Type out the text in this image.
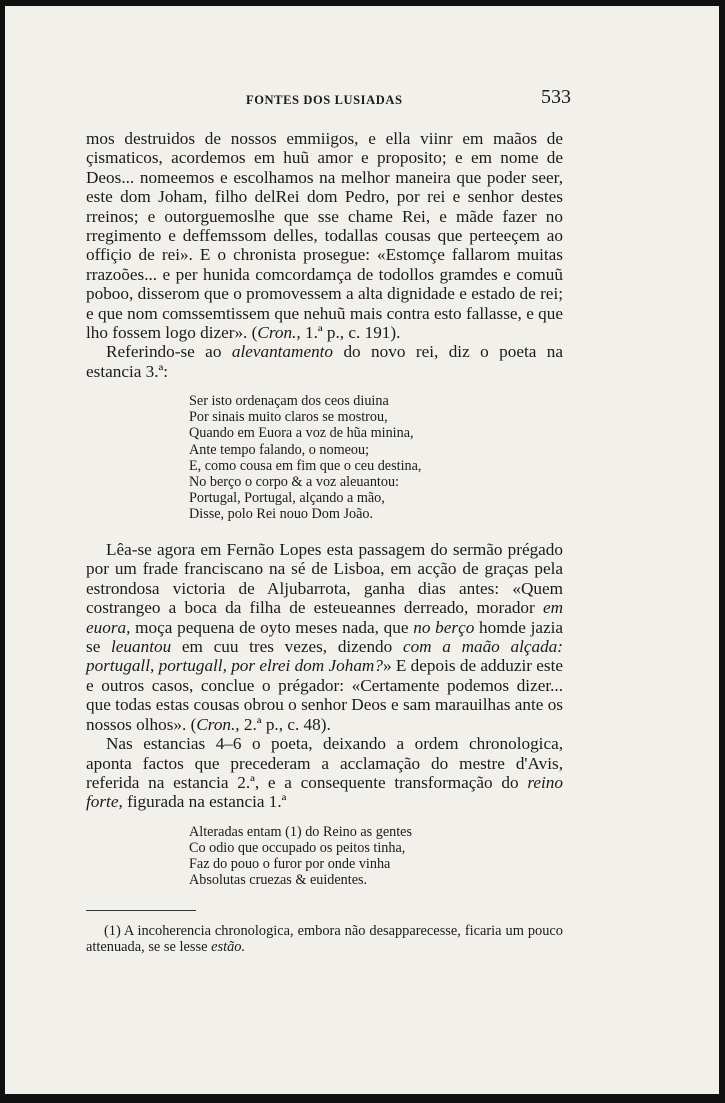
FONTES DOS LUSIADAS	533

mos destruidos de nossos emmiigos, e ella viinr em maãos de çismaticos, acordemos em huũ amor e proposito; e em nome de Deos... nomeemos e escolhamos na melhor maneira que poder seer, este dom Joham, filho delRei dom Pedro, por rei e senhor destes rreinos; e outorguemoslhe que sse chame Rei, e mãde fazer no rregimento e deffemssom delles, todallas cousas que perteeçem ao offiçio de rei». E o chronista prosegue: «Estomçe fallarom muitas rrazoões... e per hunida comcordamça de todollos gramdes e comuũ poboo, disserom que o promovessem a alta dignidade e estado de rei; e que nom comssemtissem que nehuũ mais contra esto fallasse, e que lho fossem logo dizer». (Cron., 1.ª p., c. 191).

Referindo-se ao alevantamento do novo rei, diz o poeta na estancia 3.ª:

Ser isto ordenaçam dos ceos diuina
Por sinais muito claros se mostrou,
Quando em Euora a voz de hũa minina,
Ante tempo falando, o nomeou;
E, como cousa em fim que o ceu destina,
No berço o corpo & a voz aleuantou:
Portugal, Portugal, alçando a mão,
Disse, polo Rei nouo Dom João.

Lêa-se agora em Fernão Lopes esta passagem do sermão prégado por um frade franciscano na sé de Lisboa, em acção de graças pela estrondosa victoria de Aljubarrota, ganha dias antes: «Quem costrangeo a boca da filha de esteueannes derreado, morador em euora, moça pequena de oyto meses nada, que no berço homde jazia se leuantou em cuu tres vezes, dizendo com a maão alçada: portugall, portugall, por elrei dom Joham?» E depois de adduzir este e outros casos, conclue o prégador: «Certamente podemos dizer... que todas estas cousas obrou o senhor Deos e sam marauilhas ante os nossos olhos». (Cron., 2.ª p., c. 48).

Nas estancias 4–6 o poeta, deixando a ordem chronologica, aponta factos que precederam a acclamação do mestre d'Avis, referida na estancia 2.ª, e a consequente transformação do reino forte, figurada na estancia 1.ª

Alteradas entam (1) do Reino as gentes
Co odio que occupado os peitos tinha,
Faz do pouo o furor por onde vinha
Absolutas cruezas & euidentes.

(1) A incoherencia chronologica, embora não desapparecesse, ficaria um pouco attenuada, se se lesse estão.
